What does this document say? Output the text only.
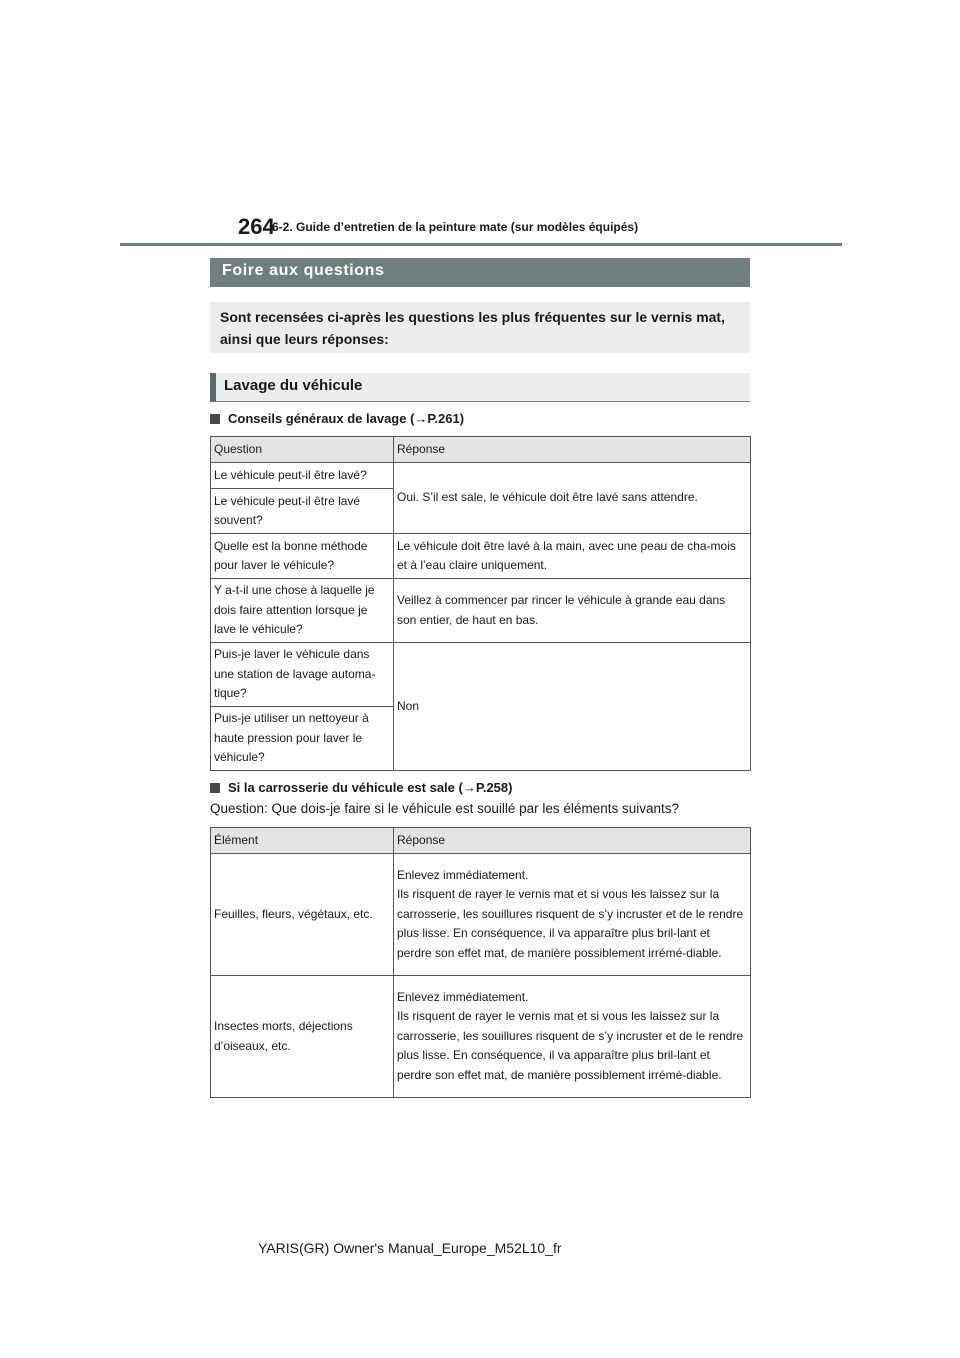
264
6-2. Guide d’entretien de la peinture mate (sur modèles équipés)
Foire aux questions
Sont recensées ci-après les questions les plus fréquentes sur le vernis mat, ainsi que leurs réponses:
Lavage du véhicule
Conseils généraux de lavage (→P.261)
Question	Réponse
Le véhicule peut-il être lavé?	Oui. S’il est sale, le véhicule doit être lavé sans attendre.
Le véhicule peut-il être lavé souvent?	
Quelle est la bonne méthode pour laver le véhicule?	Le véhicule doit être lavé à la main, avec une peau de cha-mois et à l’eau claire uniquement.
Y a-t-il une chose à laquelle je dois faire attention lorsque je lave le véhicule?	Veillez à commencer par rincer le véhicule à grande eau dans son entier, de haut en bas.
Puis-je laver le véhicule dans une station de lavage automa-tique?	Non
Puis-je utiliser un nettoyeur à haute pression pour laver le véhicule?	
Si la carrosserie du véhicule est sale (→P.258)
Question: Que dois-je faire si le véhicule est souillé par les éléments suivants?
Élément	Réponse
Feuilles, fleurs, végétaux, etc.	Enlevez immédiatement.
Ils risquent de rayer le vernis mat et si vous les laissez sur la carrosserie, les souillures risquent de s’y incruster et de le rendre plus lisse. En conséquence, il va apparaître plus bril-lant et perdre son effet mat, de manière possiblement irrémé-diable.
Insectes morts, déjections d’oiseaux, etc.	Enlevez immédiatement.
Ils risquent de rayer le vernis mat et si vous les laissez sur la carrosserie, les souillures risquent de s’y incruster et de le rendre plus lisse. En conséquence, il va apparaître plus bril-lant et perdre son effet mat, de manière possiblement irrémé-diable.
YARIS(GR) Owner's Manual_Europe_M52L10_fr
